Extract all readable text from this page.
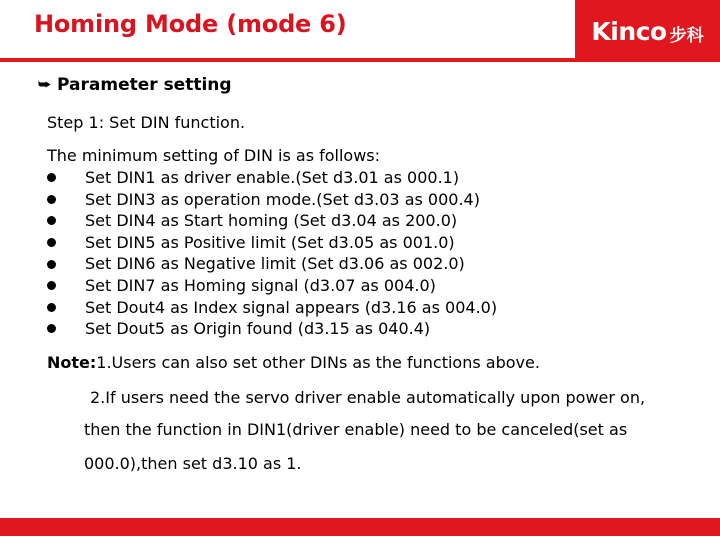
Homing Mode (mode 6)	Kinco 步科
⮩ Parameter setting
Step 1: Set DIN function.
The minimum setting of DIN is as follows:
Set DIN1 as driver enable.(Set d3.01 as 000.1)
Set DIN3 as operation mode.(Set d3.03 as 000.4)
Set DIN4 as Start homing (Set d3.04 as 200.0)
Set DIN5 as Positive limit (Set d3.05 as 001.0)
Set DIN6 as Negative limit (Set d3.06 as 002.0)
Set DIN7 as Homing signal (d3.07 as 004.0)
Set Dout4 as Index signal appears (d3.16 as 004.0)
Set Dout5 as Origin found (d3.15 as 040.4)
Note:1.Users can also set other DINs as the functions above.
2.If users need the servo driver enable automatically upon power on,
then the function in DIN1(driver enable) need to be canceled(set as
000.0),then set d3.10 as 1.
